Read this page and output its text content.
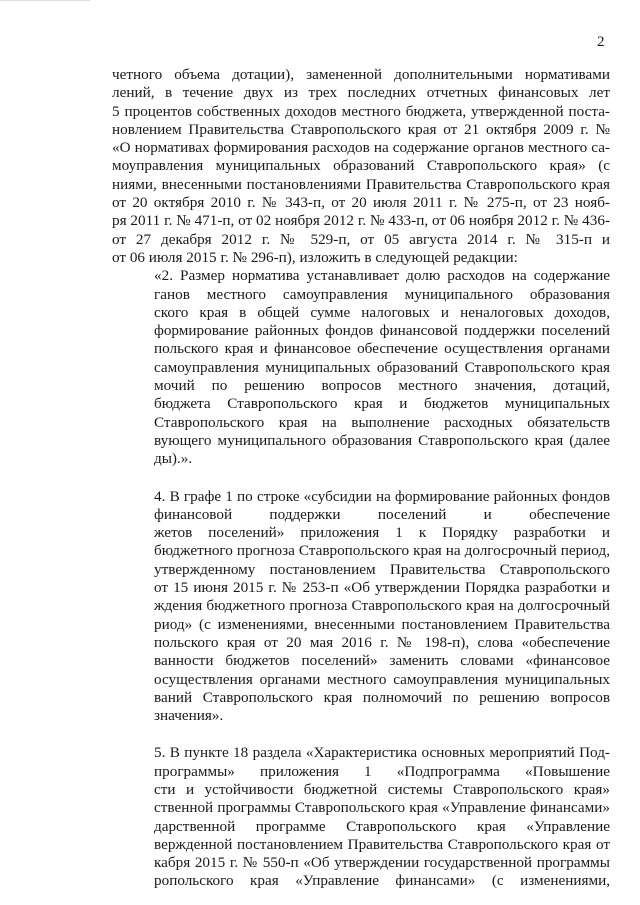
2

четного объема дотации), замененной дополнительными нормативами
лений, в течение двух из трех последних отчетных финансовых лет
5 процентов собственных доходов местного бюджета, утвержденной поста-
новлением Правительства Ставропольского края от 21 октября 2009 г. №
«О нормативах формирования расходов на содержание органов местного са-
моуправления муниципальных образований Ставропольского края» (с
ниями, внесенными постановлениями Правительства Ставропольского края
от 20 октября 2010 г. № 343-п, от 20 июля 2011 г. № 275-п, от 23 нояб-
ря 2011 г. № 471-п, от 02 ноября 2012 г. № 433-п, от 06 ноября 2012 г. № 436-
от 27 декабря 2012 г. № 529-п, от 05 августа 2014 г. № 315-п и
от 06 июля 2015 г. № 296-п), изложить в следующей редакции:

«2. Размер норматива устанавливает долю расходов на содержание
ганов местного самоуправления муниципального образования
ского края в общей сумме налоговых и неналоговых доходов,
формирование районных фондов финансовой поддержки поселений
польского края и финансовое обеспечение осуществления органами
самоуправления муниципальных образований Ставропольского края
мочий по решению вопросов местного значения, дотаций,
бюджета Ставропольского края и бюджетов муниципальных
Ставропольского края на выполнение расходных обязательств
вующего муниципального образования Ставропольского края (далее
ды).».

4. В графе 1 по строке «субсидии на формирование районных фондов
финансовой поддержки поселений и обеспечение
жетов поселений» приложения 1 к Порядку разработки и
бюджетного прогноза Ставропольского края на долгосрочный период,
утвержденному постановлением Правительства Ставропольского
от 15 июня 2015 г. № 253-п «Об утверждении Порядка разработки и
ждения бюджетного прогноза Ставропольского края на долгосрочный
риод» (с изменениями, внесенными постановлением Правительства
польского края от 20 мая 2016 г. № 198-п), слова «обеспечение
ванности бюджетов поселений» заменить словами «финансовое
осуществления органами местного самоуправления муниципальных
ваний Ставропольского края полномочий по решению вопросов
значения».

5. В пункте 18 раздела «Характеристика основных мероприятий Под-
программы» приложения 1 «Подпрограмма «Повышение
сти и устойчивости бюджетной системы Ставропольского края»
ственной программы Ставропольского края «Управление финансами»
дарственной программе Ставропольского края «Управление
вержденной постановлением Правительства Ставропольского края от
кабря 2015 г. № 550-п «Об утверждении государственной программы
ропольского края «Управление финансами» (с изменениями,
